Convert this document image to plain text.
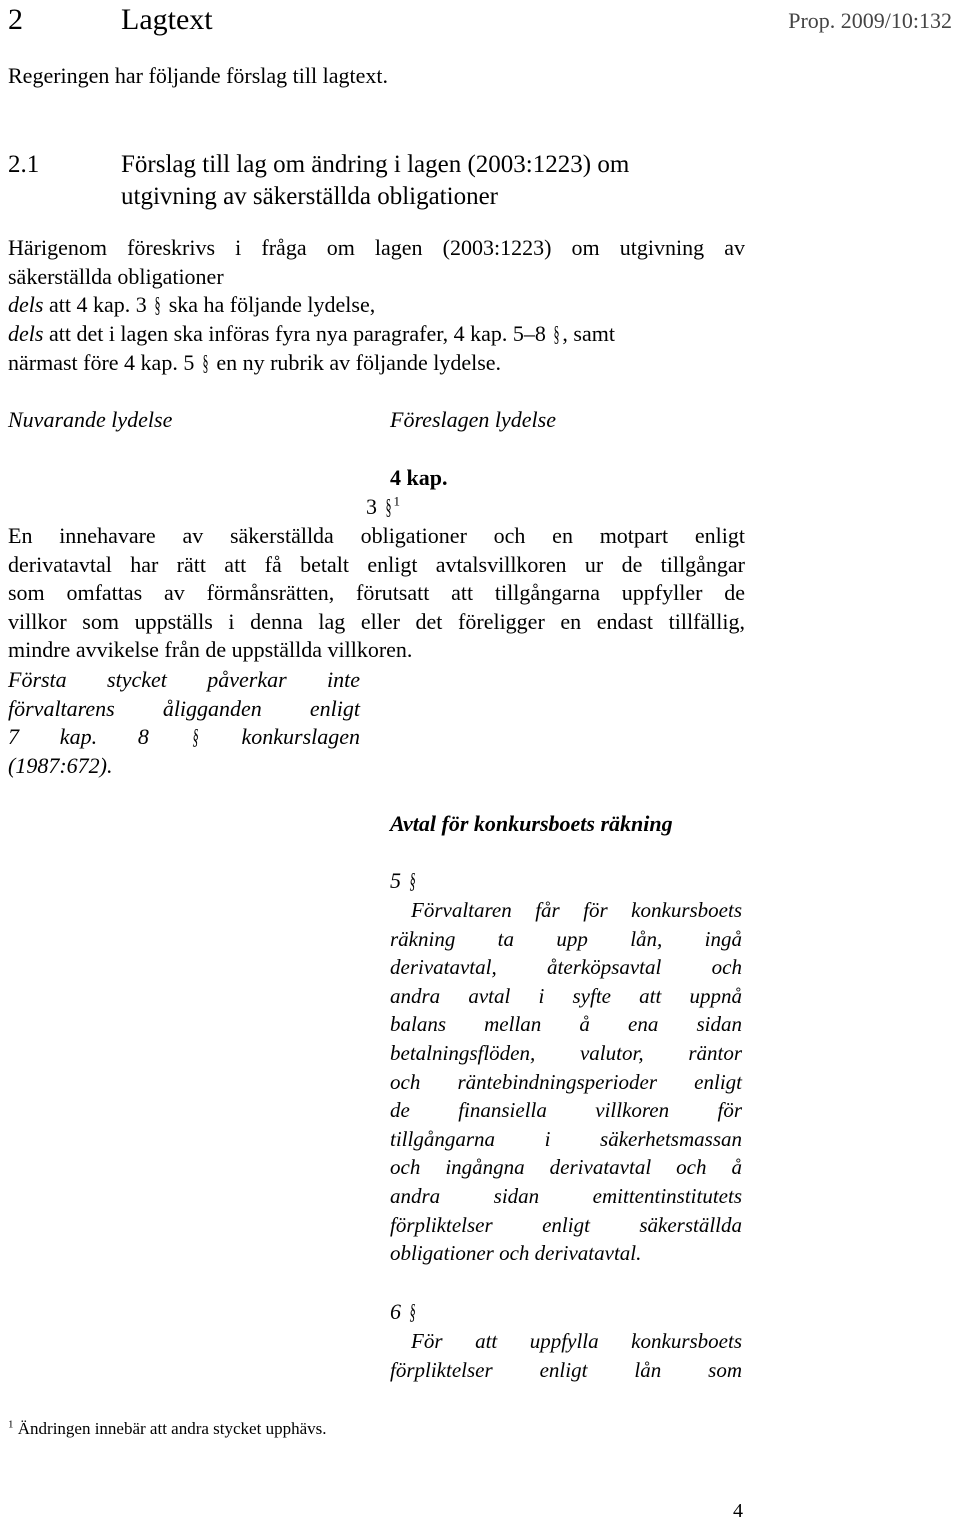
2	Lagtext	Prop. 2009/10:132
Regeringen har följande förslag till lagtext.
2.1	Förslag till lag om ändring i lagen (2003:1223) om
utgivning av säkerställda obligationer
Härigenom föreskrivs i fråga om lagen (2003:1223) om utgivning av
säkerställda obligationer
dels att 4 kap. 3 § ska ha följande lydelse,
dels att det i lagen ska införas fyra nya paragrafer, 4 kap. 5–8 § , samt
närmast före 4 kap. 5 § en ny rubrik av följande lydelse.
Nuvarande lydelse	Föreslagen lydelse
4 kap.
3 § $^1$
En innehavare av säkerställda obligationer och en motpart enligt
derivatavtal har rätt att få betalt enligt avtalsvillkoren ur de tillgångar
som omfattas av förmånsrätten, förutsatt att tillgångarna uppfyller de
villkor som uppställs i denna lag eller det föreligger en endast tillfällig,
mindre avvikelse från de uppställda villkoren.
Första stycket påverkar inte
förvaltarens åligganden enligt
7 kap. 8 § konkurslagen
(1987:672).
Avtal för konkursboets räkning
5 §
Förvaltaren får för konkursboets
räkning ta upp lån, ingå
derivatavtal, återköpsavtal och
andra avtal i syfte att uppnå
balans mellan å ena sidan
betalningsflöden, valutor, räntor
och räntebindningsperioder enligt
de finansiella villkoren för
tillgångarna i säkerhetsmassan
och ingångna derivatavtal och å
andra sidan emittentinstitutets
förpliktelser enligt säkerställda
obligationer och derivatavtal.
6 §
För att uppfylla konkursboets
förpliktelser enligt lån som
$^1$ Ändringen innebär att andra stycket upphävs.
4
